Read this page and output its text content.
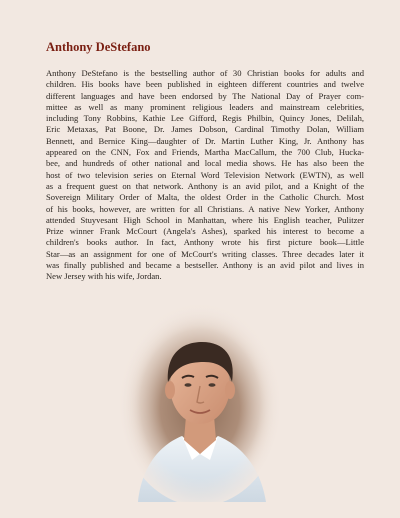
Anthony DeStefano
Anthony DeStefano is the bestselling author of 30 Christian books for adults and
children. His books have been published in eighteen different countries and twelve
different languages and have been endorsed by The National Day of Prayer com-
mittee as well as many prominent religious leaders and mainstream celebrities,
including Tony Robbins, Kathie Lee Gifford, Regis Philbin, Quincy Jones, Delilah,
Eric Metaxas, Pat Boone, Dr. James Dobson, Cardinal Timothy Dolan, William
Bennett, and Bernice King—daughter of Dr. Martin Luther King, Jr. Anthony has
appeared on the CNN, Fox and Friends, Martha MacCallum, the 700 Club, Hucka-
bee, and hundreds of other national and local media shows. He has also been the
host of two television series on Eternal Word Television Network (EWTN), as well
as a frequent guest on that network. Anthony is an avid pilot, and a Knight of the
Sovereign Military Order of Malta, the oldest Order in the Catholic Church. Most
of his books, however, are written for all Christians. A native New Yorker, Anthony
attended Stuyvesant High School in Manhattan, where his English teacher, Pulitzer
Prize winner Frank McCourt (Angela's Ashes), sparked his interest to become a
children's books author. In fact, Anthony wrote his first picture book—Little
Star—as an assignment for one of McCourt's writing classes. Three decades later it
was finally published and became a bestseller. Anthony is an avid pilot and lives in
New Jersey with his wife, Jordan.
